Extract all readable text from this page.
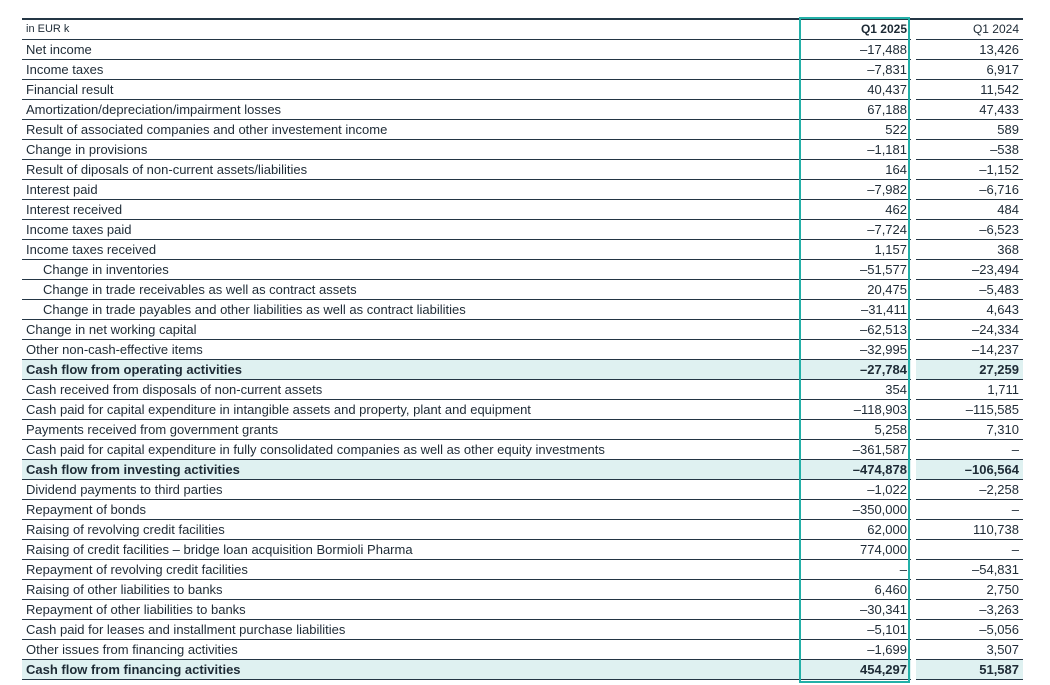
in EUR k	Q1 2025		Q1 2024
Net income	–17,488		13,426
Income taxes	–7,831		6,917
Financial result	40,437		11,542
Amortization/depreciation/impairment losses	67,188		47,433
Result of associated companies and other investement income	522		589
Change in provisions	–1,181		–538
Result of diposals of non-current assets/liabilities	164		–1,152
Interest paid	–7,982		–6,716
Interest received	462		484
Income taxes paid	–7,724		–6,523
Income taxes received	1,157		368
Change in inventories	–51,577		–23,494
Change in trade receivables as well as contract assets	20,475		–5,483
Change in trade payables and other liabilities as well as contract liabilities	–31,411		4,643
Change in net working capital	–62,513		–24,334
Other non-cash-effective items	–32,995		–14,237
Cash flow from operating activities	–27,784		27,259
Cash received from disposals of non-current assets	354		1,711
Cash paid for capital expenditure in intangible assets and property, plant and equipment	–118,903		–115,585
Payments received from government grants	5,258		7,310
Cash paid for capital expenditure in fully consolidated companies as well as other equity investments	–361,587		–
Cash flow from investing activities	–474,878		–106,564
Dividend payments to third parties	–1,022		–2,258
Repayment of bonds	–350,000		–
Raising of revolving credit facilities	62,000		110,738
Raising of credit facilities – bridge loan acquisition Bormioli Pharma	774,000		–
Repayment of revolving credit facilities	–		–54,831
Raising of other liabilities to banks	6,460		2,750
Repayment of other liabilities to banks	–30,341		–3,263
Cash paid for leases and installment purchase liabilities	–5,101		–5,056
Other issues from financing activities	–1,699		3,507
Cash flow from financing activities	454,297		51,587
